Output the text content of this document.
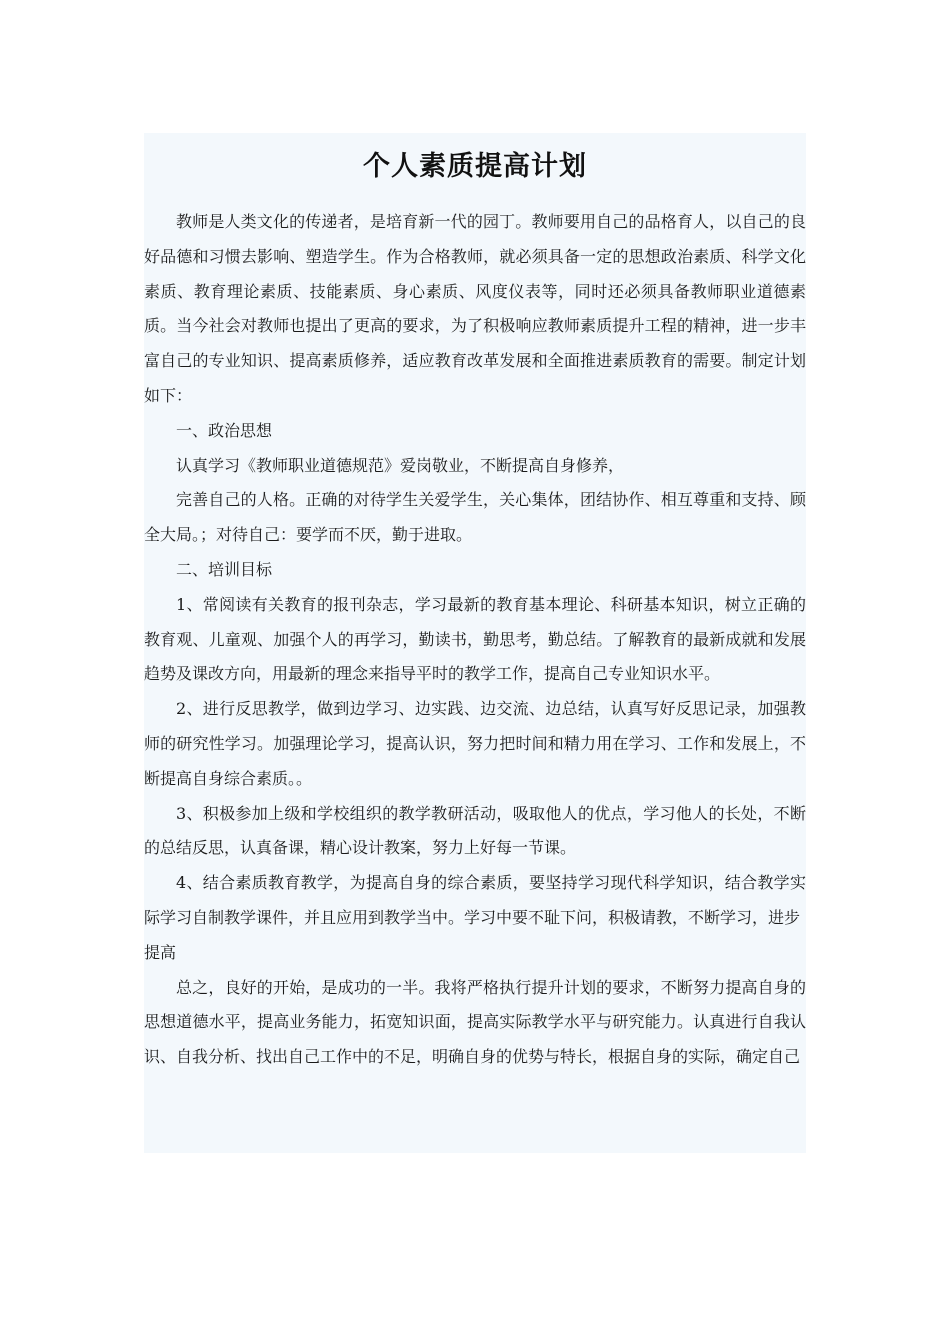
个人素质提高计划

教师是人类文化的传递者，是培育新一代的园丁。教师要用自己的品格育人，以自己的良好品德和习惯去影响、塑造学生。作为合格教师，就必须具备一定的思想政治素质、科学文化素质、教育理论素质、技能素质、身心素质、风度仪表等，同时还必须具备教师职业道德素质。当今社会对教师也提出了更高的要求，为了积极响应教师素质提升工程的精神，进一步丰富自己的专业知识、提高素质修养，适应教育改革发展和全面推进素质教育的需要。制定计划如下：

一、政治思想

认真学习《教师职业道德规范》爱岗敬业，不断提高自身修养，

完善自己的人格。正确的对待学生关爱学生，关心集体，团结协作、相互尊重和支持、顾全大局。；对待自己：要学而不厌，勤于进取。

二、培训目标

1、常阅读有关教育的报刊杂志，学习最新的教育基本理论、科研基本知识，树立正确的教育观、儿童观、加强个人的再学习，勤读书，勤思考，勤总结。了解教育的最新成就和发展趋势及课改方向，用最新的理念来指导平时的教学工作，提高自己专业知识水平。

2、进行反思教学，做到边学习、边实践、边交流、边总结，认真写好反思记录，加强教师的研究性学习。加强理论学习，提高认识，努力把时间和精力用在学习、工作和发展上，不断提高自身综合素质。。

3、积极参加上级和学校组织的教学教研活动，吸取他人的优点，学习他人的长处，不断的总结反思，认真备课，精心设计教案，努力上好每一节课。

4、结合素质教育教学，为提高自身的综合素质，要坚持学习现代科学知识，结合教学实际学习自制教学课件，并且应用到教学当中。学习中要不耻下问，积极请教，不断学习，进步

提高

总之，良好的开始，是成功的一半。我将严格执行提升计划的要求，不断努力提高自身的思想道德水平，提高业务能力，拓宽知识面，提高实际教学水平与研究能力。认真进行自我认识、自我分析、找出自己工作中的不足，明确自身的优势与特长，根据自身的实际，确定自己
